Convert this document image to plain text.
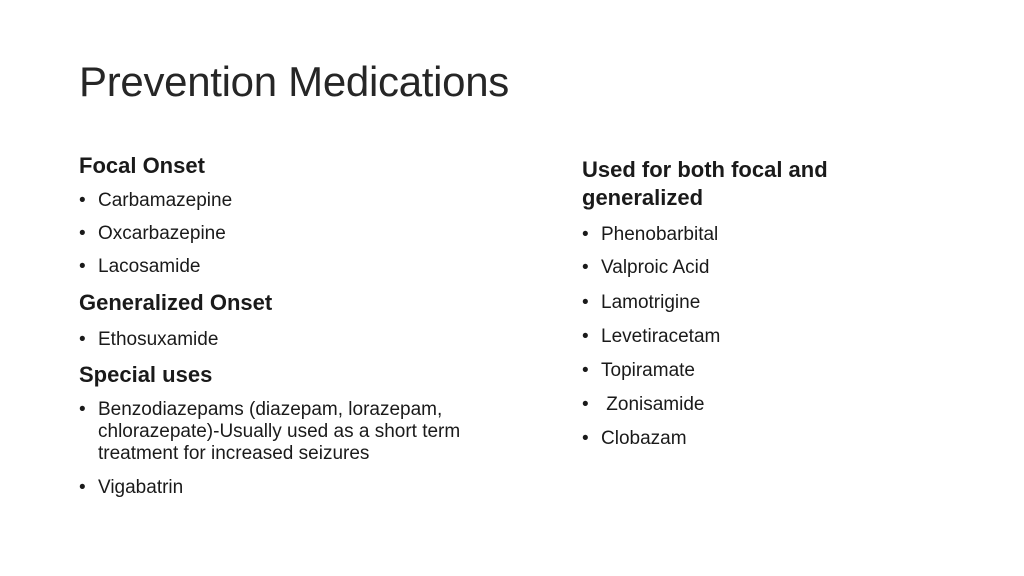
Prevention Medications
Focal Onset
• Carbamazepine
• Oxcarbazepine
• Lacosamide
Generalized Onset
• Ethosuxamide
Special uses
• Benzodiazepams (diazepam, lorazepam, chlorazepate)-Usually used as a short term treatment for increased seizures
• Vigabatrin
Used for both focal and generalized
• Phenobarbital
• Valproic Acid
• Lamotrigine
• Levetiracetam
• Topiramate
• Zonisamide
• Clobazam
